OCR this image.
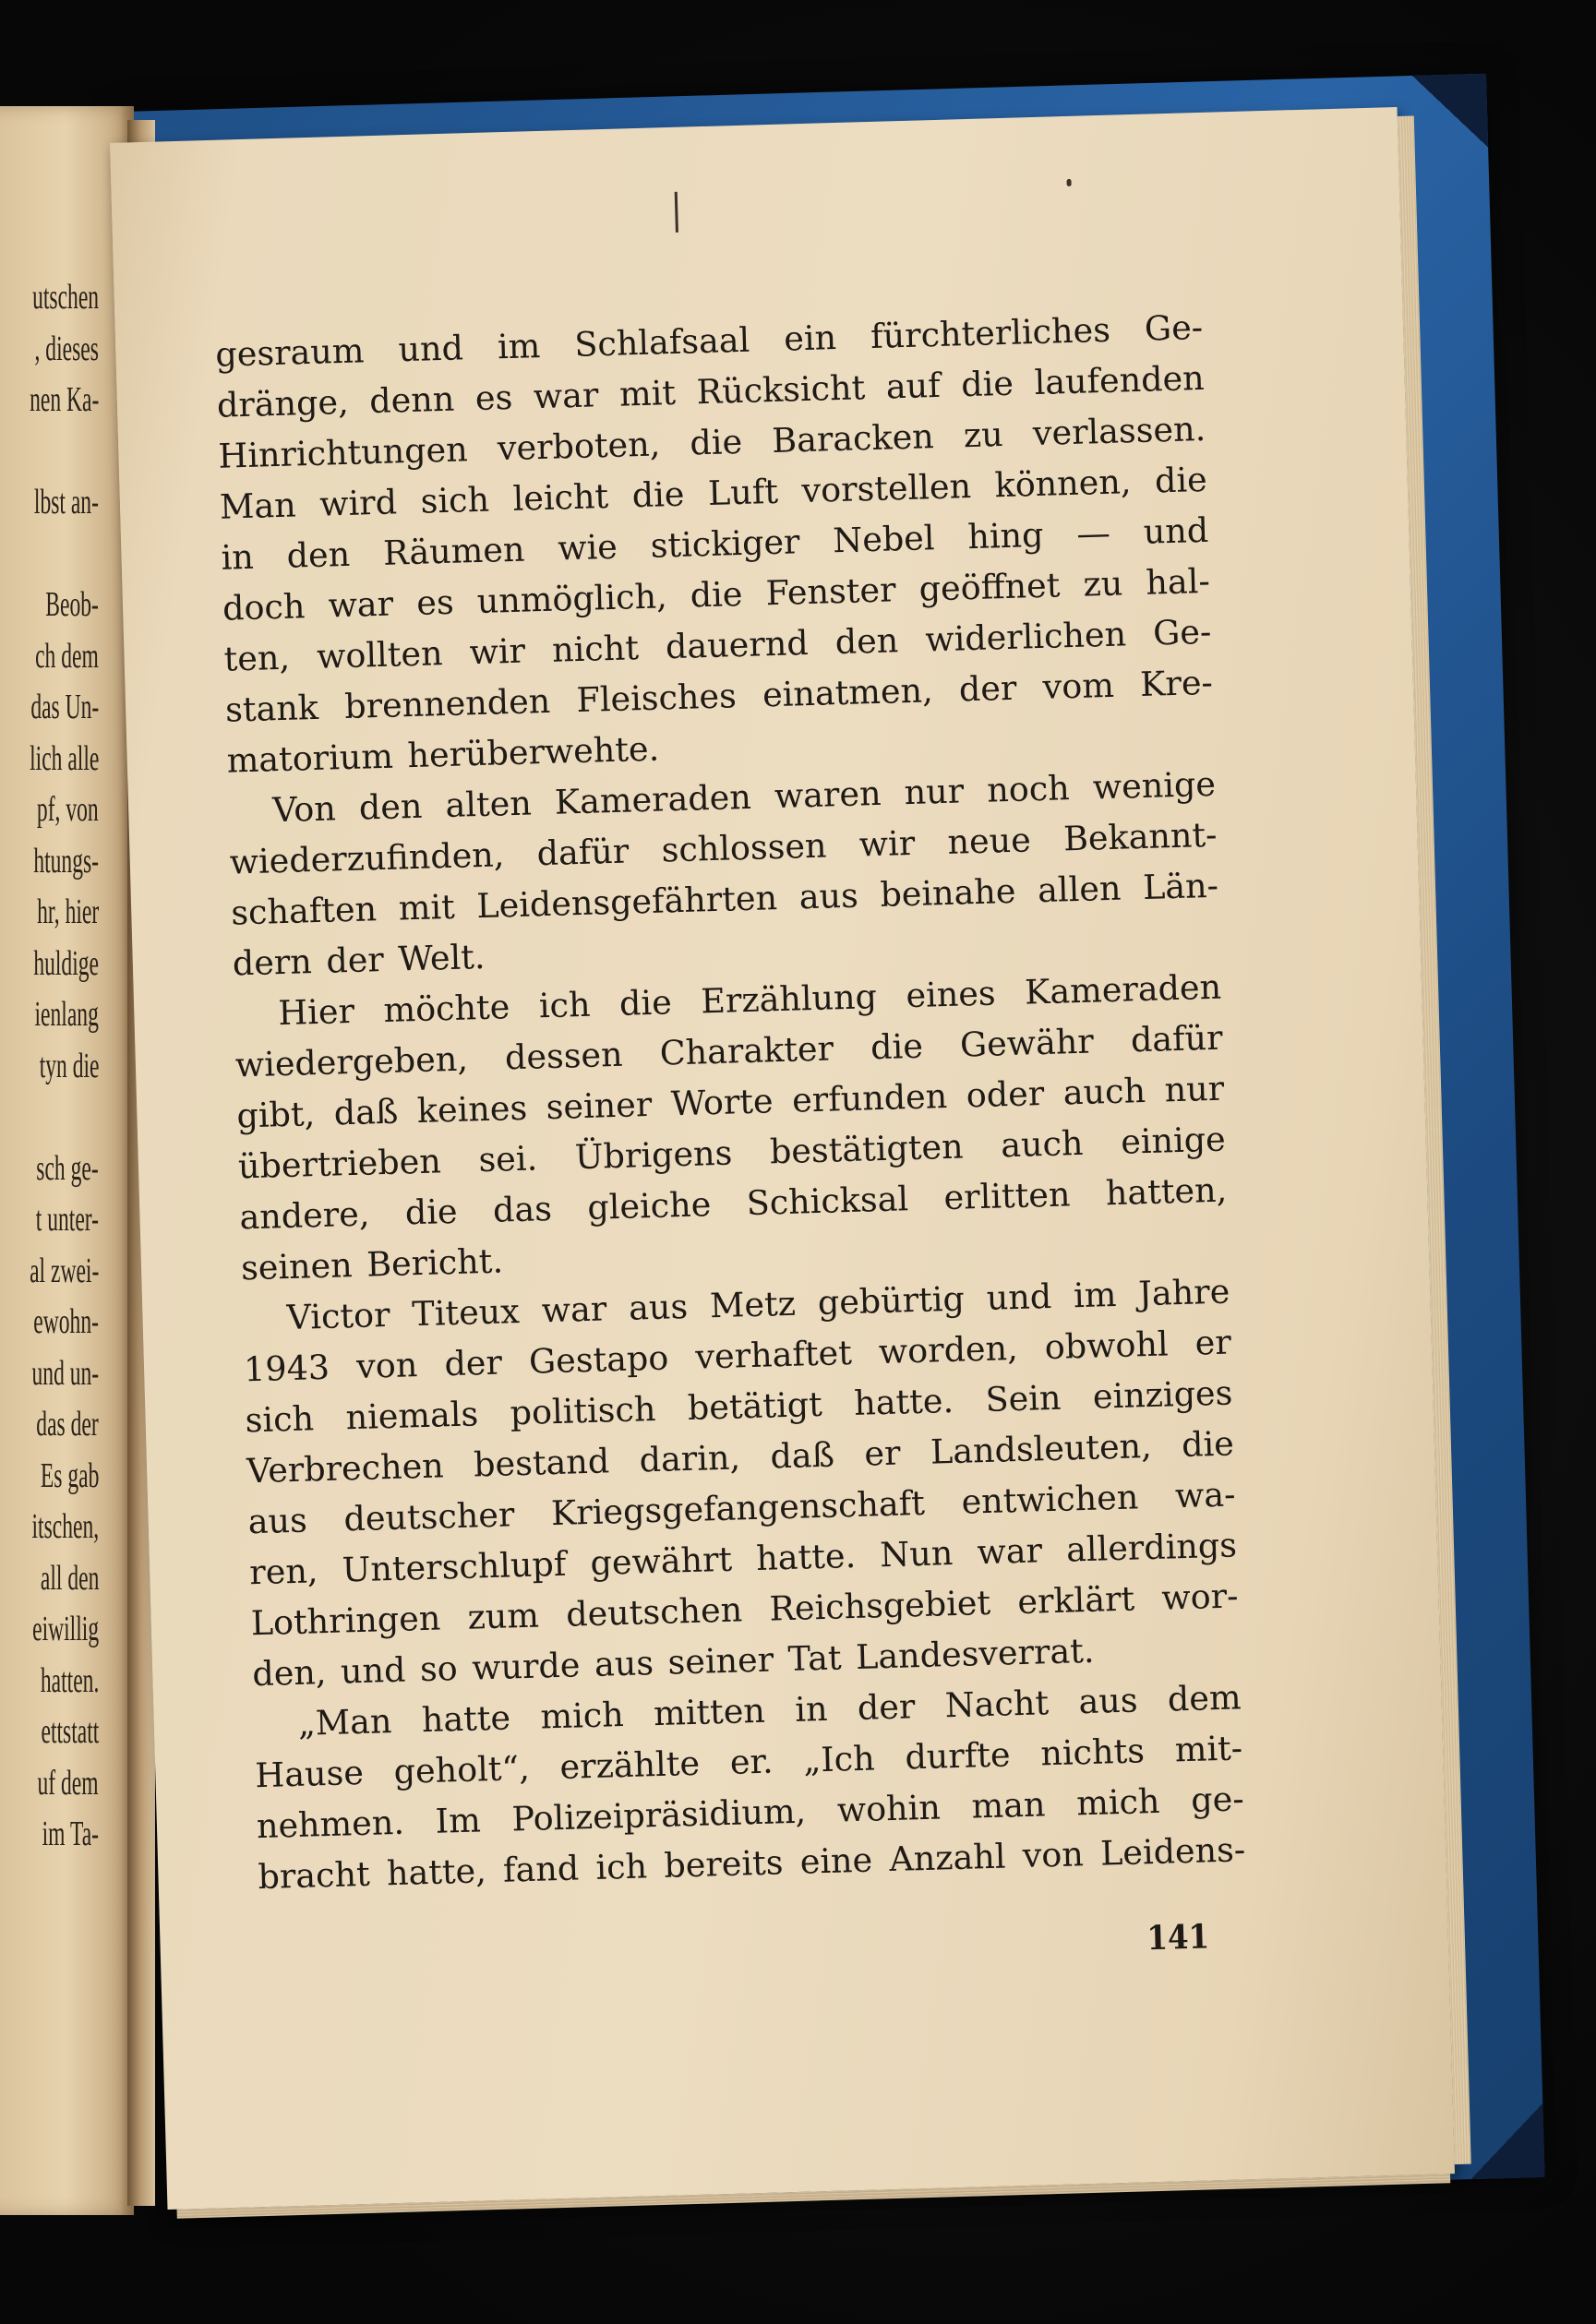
utschen
, dieses
nen Ka-
lbst an-
Beob-
ch dem
das Un-
lich alle
pf, von
htungs-
hr, hier
huldige
ienlang
tyn die
sch ge-
t unter-
al zwei-
ewohn-
und un-
das der
Es gab
itschen,
all den
eiwillig
hatten.
ettstatt
uf dem
im Ta-
gesraum und im Schlafsaal ein fürchterliches Ge-
dränge, denn es war mit Rücksicht auf die laufenden
Hinrichtungen verboten, die Baracken zu verlassen.
Man wird sich leicht die Luft vorstellen können, die
in den Räumen wie stickiger Nebel hing — und
doch war es unmöglich, die Fenster geöffnet zu hal-
ten, wollten wir nicht dauernd den widerlichen Ge-
stank brennenden Fleisches einatmen, der vom Kre-
matorium herüberwehte.
Von den alten Kameraden waren nur noch wenige
wiederzufinden, dafür schlossen wir neue Bekannt-
schaften mit Leidensgefährten aus beinahe allen Län-
dern der Welt.
Hier möchte ich die Erzählung eines Kameraden
wiedergeben, dessen Charakter die Gewähr dafür
gibt, daß keines seiner Worte erfunden oder auch nur
übertrieben sei. Übrigens bestätigten auch einige
andere, die das gleiche Schicksal erlitten hatten,
seinen Bericht.
Victor Titeux war aus Metz gebürtig und im Jahre
1943 von der Gestapo verhaftet worden, obwohl er
sich niemals politisch betätigt hatte. Sein einziges
Verbrechen bestand darin, daß er Landsleuten, die
aus deutscher Kriegsgefangenschaft entwichen wa-
ren, Unterschlupf gewährt hatte. Nun war allerdings
Lothringen zum deutschen Reichsgebiet erklärt wor-
den, und so wurde aus seiner Tat Landesverrat.
„Man hatte mich mitten in der Nacht aus dem
Hause geholt“, erzählte er. „Ich durfte nichts mit-
nehmen. Im Polizeipräsidium, wohin man mich ge-
bracht hatte, fand ich bereits eine Anzahl von Leidens-
141
